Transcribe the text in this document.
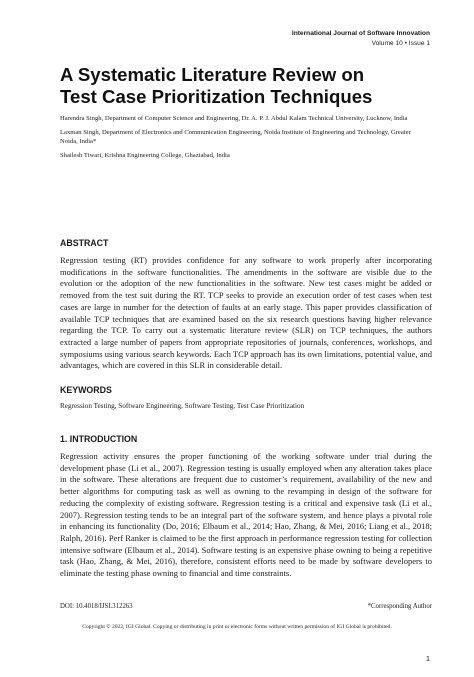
International Journal of Software Innovation
Volume 10 • Issue 1
A Systematic Literature Review on
Test Case Prioritization Techniques

Harendra Singh, Department of Computer Science and Engineering, Dr. A. P. J. Abdul Kalam Technical University, Lucknow, India

Laxman Singh, Department of Electronics and Communication Engineering, Noida Institute of Engineering and Technology, Greater Noida, India*

Shailesh Tiwari, Krishna Engineering College, Ghaziabad, India

ABSTRACT

Regression testing (RT) provides confidence for any software to work properly after incorporating modifications in the software functionalities. The amendments in the software are visible due to the evolution or the adoption of the new functionalities in the software. New test cases might be added or removed from the test suit during the RT. TCP seeks to provide an execution order of test cases when test cases are large in number for the detection of faults at an early stage. This paper provides classification of available TCP techniques that are examined based on the six research questions having higher relevance regarding the TCP. To carry out a systematic literature review (SLR) on TCP techniques, the authors extracted a large number of papers from appropriate repositories of journals, conferences, workshops, and symposiums using various search keywords. Each TCP approach has its own limitations, potential value, and advantages, which are covered in this SLR in considerable detail.

KEYWORDS

Regression Testing, Software Engineering, Software Testing, Test Case Prioritization

1. INTRODUCTION

Regression activity ensures the proper functioning of the working software under trial during the development phase (Li et al., 2007). Regression testing is usually employed when any alteration takes place in the software. These alterations are frequent due to customer’s requirement, availability of the new and better algorithms for computing task as well as owning to the revamping in design of the software for reducing the complexity of existing software. Regression testing is a critical and expensive task (Li et al., 2007). Regression testing tends to be an integral part of the software system, and hence plays a pivotal role in enhancing its functionality (Do, 2016; Elbaum et al., 2014; Hao, Zhang, & Mei, 2016; Liang et al., 2018; Ralph, 2016). Perf Ranker is claimed to be the first approach in performance regression testing for collection intensive software (Elbaum et al., 2014). Software testing is an expensive phase owning to being a repetitive task (Hao, Zhang, & Mei, 2016), therefore, consistent efforts need to be made by software developers to eliminate the testing phase owning to financial and time constraints.

DOI: 10.4018/IJSI.312263	*Corresponding Author
Copyright © 2022, IGI Global. Copying or distributing in print or electronic forms without written permission of IGI Global is prohibited.
1
